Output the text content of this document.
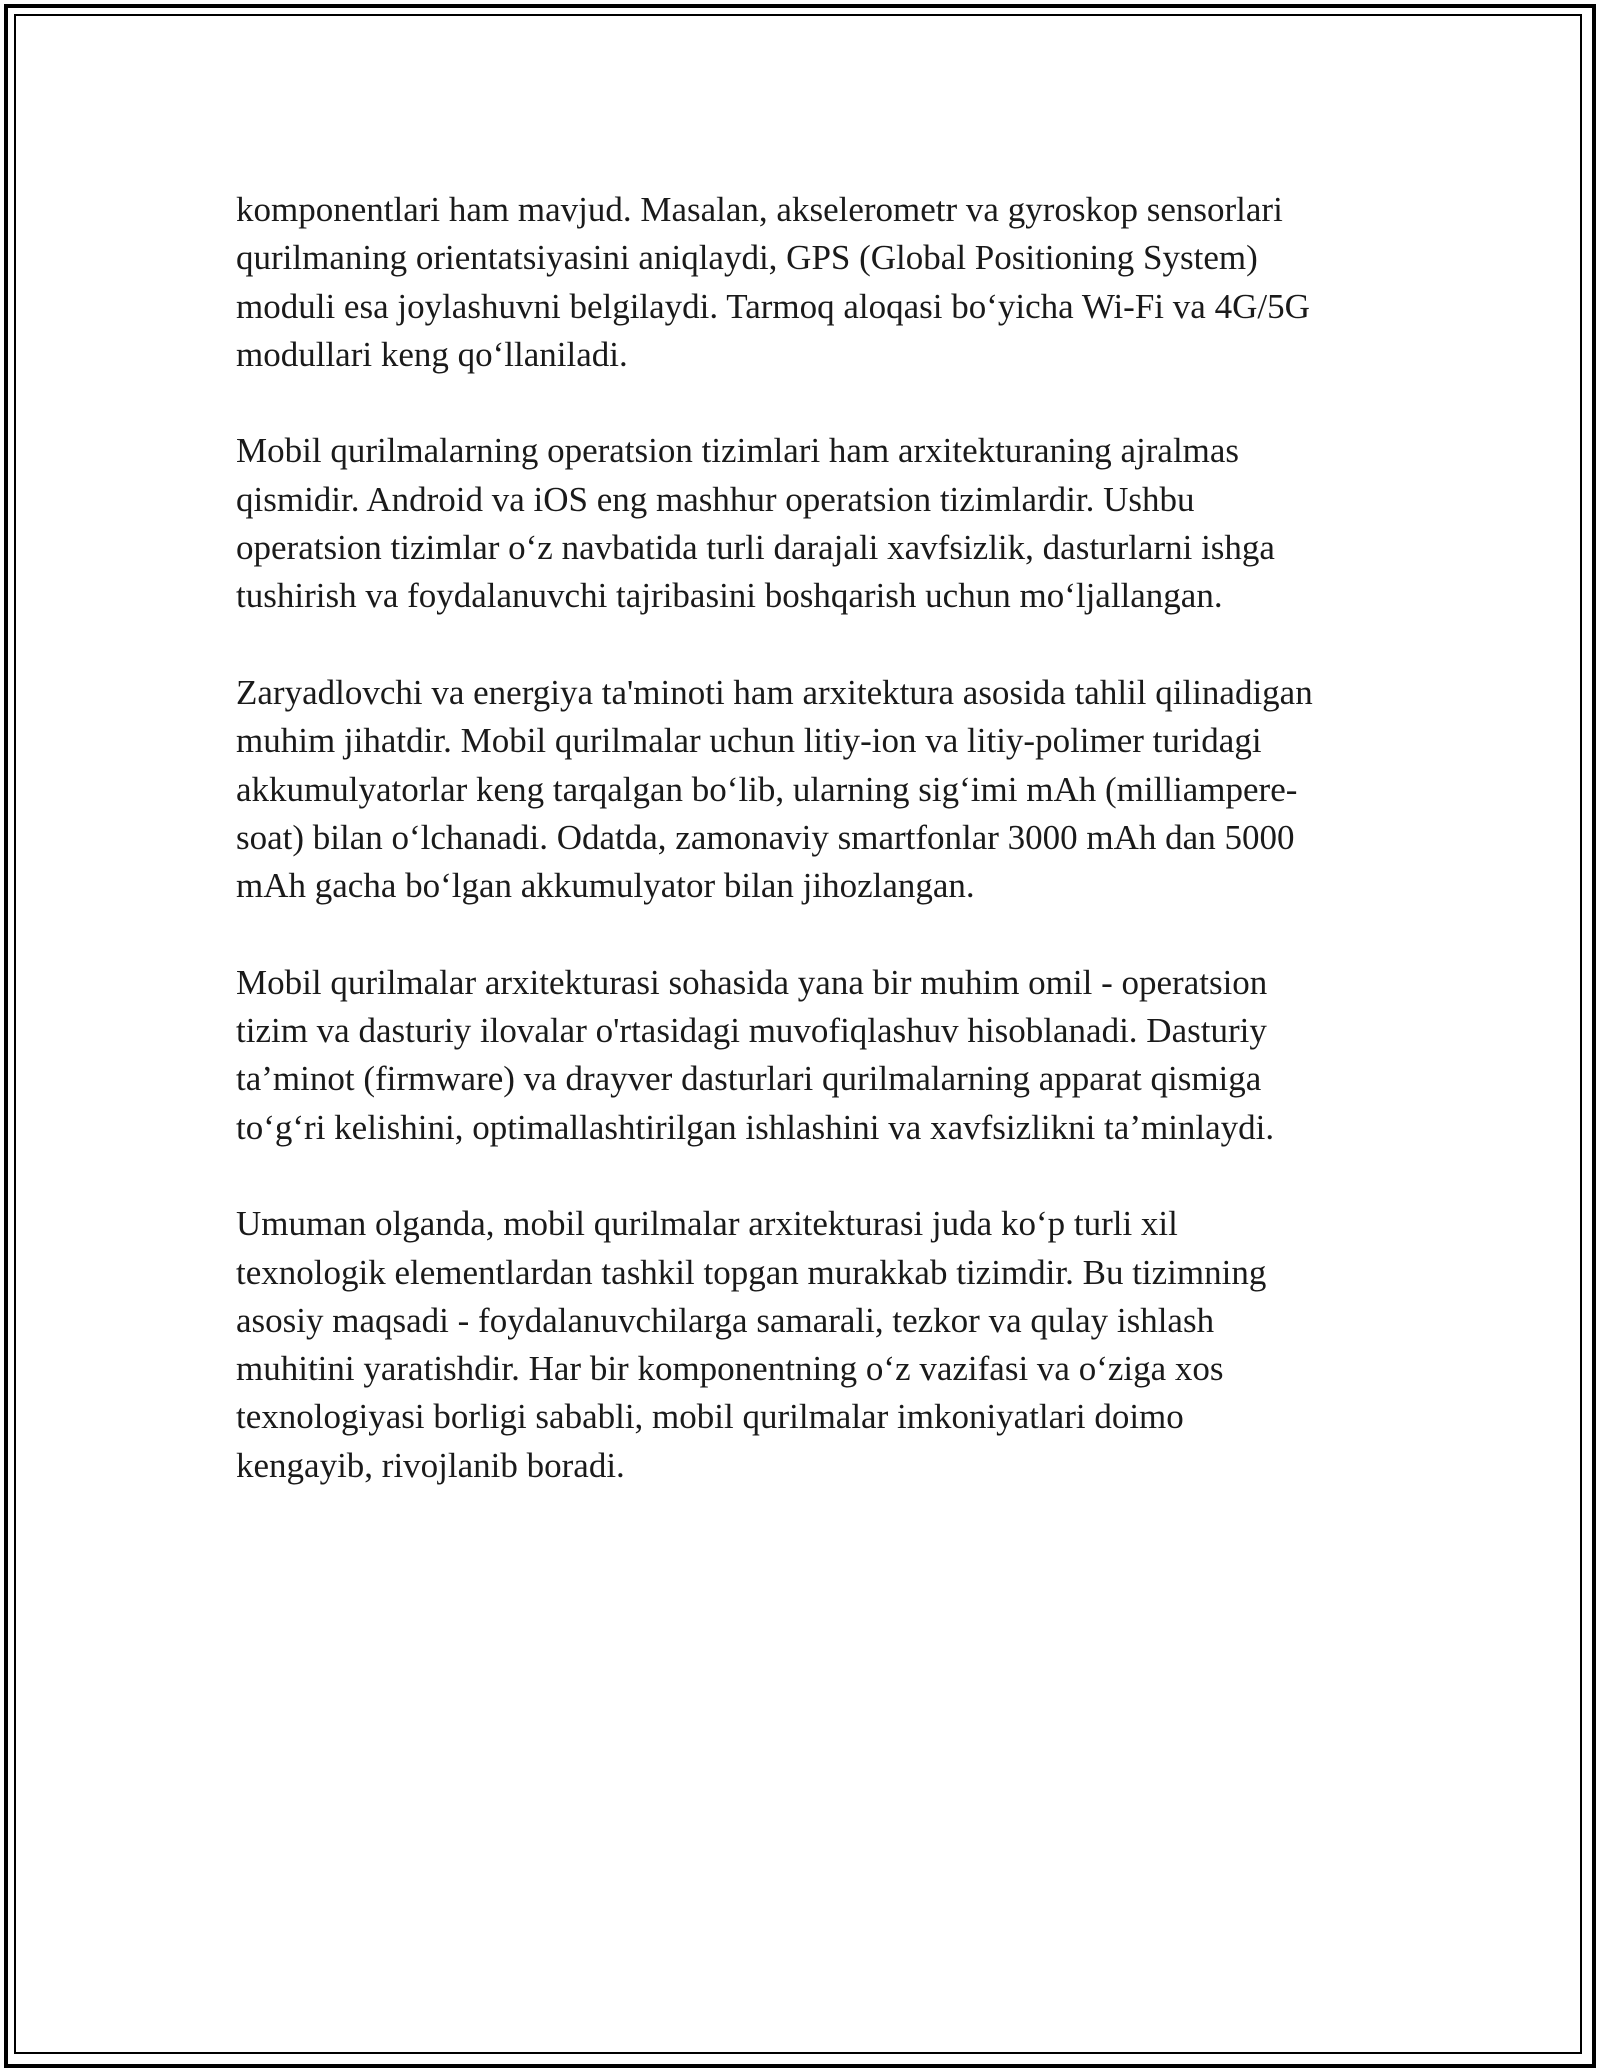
komponentlari ham mavjud. Masalan, akselerometr va gyroskop sensorlari
qurilmaning orientatsiyasini aniqlaydi, GPS (Global Positioning System)
moduli esa joylashuvni belgilaydi. Tarmoq aloqasi bo‘yicha Wi-Fi va 4G/5G
modullari keng qo‘llaniladi.

Mobil qurilmalarning operatsion tizimlari ham arxitekturaning ajralmas
qismidir. Android va iOS eng mashhur operatsion tizimlardir. Ushbu
operatsion tizimlar o‘z navbatida turli darajali xavfsizlik, dasturlarni ishga
tushirish va foydalanuvchi tajribasini boshqarish uchun mo‘ljallangan.

Zaryadlovchi va energiya ta'minoti ham arxitektura asosida tahlil qilinadigan
muhim jihatdir. Mobil qurilmalar uchun litiy-ion va litiy-polimer turidagi
akkumulyatorlar keng tarqalgan bo‘lib, ularning sig‘imi mAh (milliampere-
soat) bilan o‘lchanadi. Odatda, zamonaviy smartfonlar 3000 mAh dan 5000
mAh gacha bo‘lgan akkumulyator bilan jihozlangan.

Mobil qurilmalar arxitekturasi sohasida yana bir muhim omil - operatsion
tizim va dasturiy ilovalar o'rtasidagi muvofiqlashuv hisoblanadi. Dasturiy
ta’minot (firmware) va drayver dasturlari qurilmalarning apparat qismiga
to‘g‘ri kelishini, optimallashtirilgan ishlashini va xavfsizlikni ta’minlaydi.

Umuman olganda, mobil qurilmalar arxitekturasi juda ko‘p turli xil
texnologik elementlardan tashkil topgan murakkab tizimdir. Bu tizimning
asosiy maqsadi - foydalanuvchilarga samarali, tezkor va qulay ishlash
muhitini yaratishdir. Har bir komponentning o‘z vazifasi va o‘ziga xos
texnologiyasi borligi sababli, mobil qurilmalar imkoniyatlari doimo
kengayib, rivojlanib boradi.
